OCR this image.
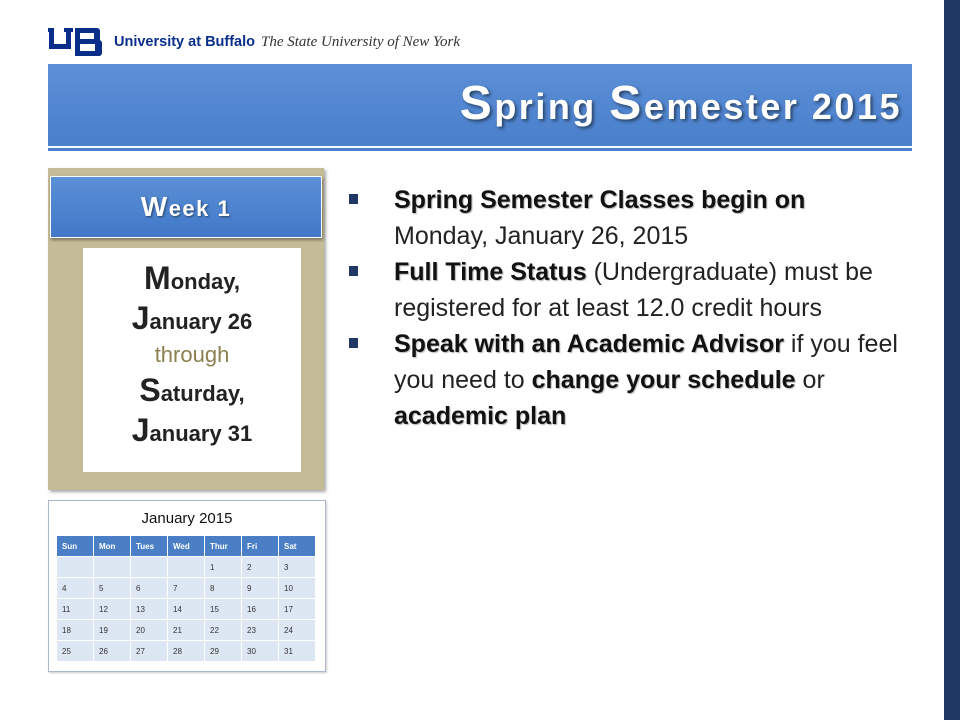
University at Buffalo The State University of New York
Spring Semester 2015
Week 1
Monday,
January 26
through
Saturday,
January 31
January 2015
Sun	Mon	Tues	Wed	Thur	Fri	Sat
				1	2	3
4	5	6	7	8	9	10
11	12	13	14	15	16	17
18	19	20	21	22	23	24
25	26	27	28	29	30	31
Spring Semester Classes begin on Monday, January 26, 2015
Full Time Status (Undergraduate) must be registered for at least 12.0 credit hours
Speak with an Academic Advisor if you feel you need to change your schedule or academic plan
